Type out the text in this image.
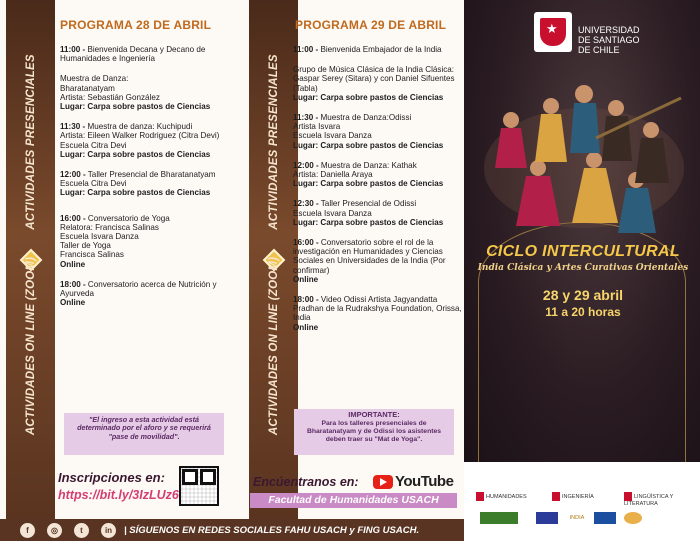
ACTIVIDADES PRESENCIALES
ACTIVIDADES ON LINE (ZOOM)
PROGRAMA 28 DE ABRIL
11:00 - Bienvenida Decana y Decano de Humanidades e Ingeniería

Muestra de Danza:
Bharatanatyam
Artista: Sebastián González
Lugar: Carpa sobre pastos de Ciencias
11:30 - Muestra de danza: Kuchipudi
Artista: Eileen Walker Rodriguez (Citra Devi)
Escuela Citra Devi
Lugar: Carpa sobre pastos de Ciencias
12:00 - Taller Presencial de Bharatanatyam
Escuela Citra Devi
Lugar: Carpa sobre pastos de Ciencias
16:00 - Conversatorio de Yoga
Relatora: Francisca Salinas
Escuela Isvara Danza
Taller de Yoga
Francisca Salinas
Online
18:00 - Conversatorio acerca de Nutrición y Ayurveda
Online
"El ingreso a esta actividad está determinado por el aforo y se requerirá "pase de movilidad".
ACTIVIDADES PRESENCIALES
ACTIVIDADES ON LINE (ZOOM)
PROGRAMA 29 DE ABRIL
11:00 - Bienvenida Embajador de la India

Grupo de Música Clásica de la India Clásica: Gaspar Serey (Sitara) y con Daniel Sifuentes (Tabla)
Lugar: Carpa sobre pastos de Ciencias
11:30 - Muestra de Danza:Odissi
Artista Isvara
Escuela Isvara Danza
Lugar: Carpa sobre pastos de Ciencias
12:00 - Muestra de Danza: Kathak
Artista: Daniella Araya
Lugar: Carpa sobre pastos de Ciencias
12:30 - Taller Presencial de Odissi
Escuela Isvara Danza
Lugar: Carpa sobre pastos de Ciencias
16:00 - Conversatorio sobre el rol de la investigación en Humanidades y Ciencias Sociales en Universidades de la India (Por confirmar)
Online
18:00 - Video Odissi Artista Jagyandatta Pradhan de la Rudrakshya Foundation, Orissa, India
Online
IMPORTANTE:
Para los talleres presenciales de Bharatanatyam y de Odissi los asistentes deben traer su "Mat de Yoga".
Inscripciones en:
https://bit.ly/3IzLUz6
Encúentranos en: YouTube
Facultad de Humanidades USACH
f	◎	t	in	| SÍGUENOS EN REDES SOCIALES FAHU USACH y FING USACH.
★
UNIVERSIDAD
DE SANTIAGO
DE CHILE
CICLO INTERCULTURAL
India Clásica y Artes Curativas Orientales
28 y 29 abril
11 a 20 horas
HUMANIDADES	INGENIERÍA	LINGÜÍSTICA Y LITERATURA
INDIA
